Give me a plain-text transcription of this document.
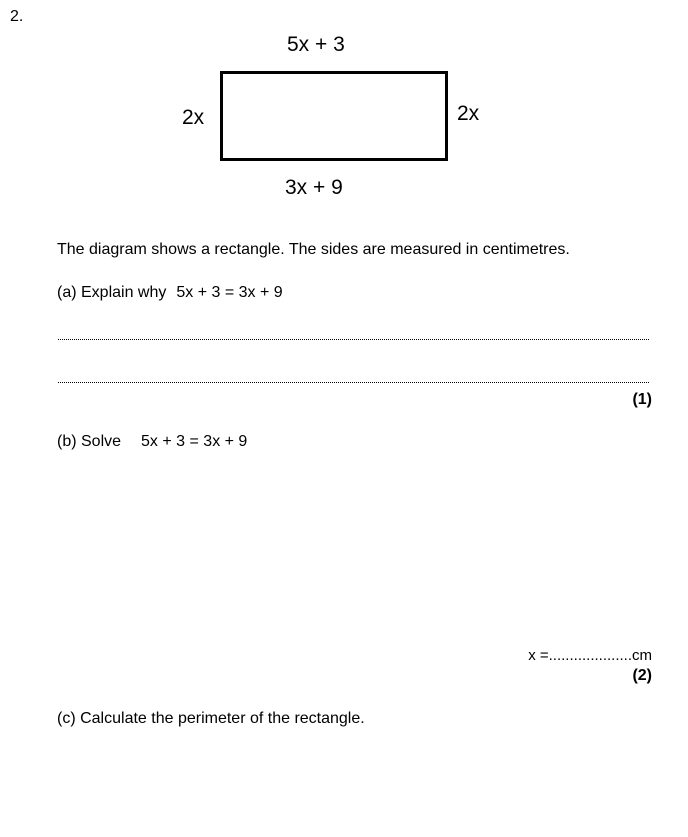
2.
5x + 3
2x	2x
3x + 9
The diagram shows a rectangle. The sides are measured in centimetres.
(a) Explain why 5x + 3 = 3x + 9
(1)
(b) Solve 5x + 3 = 3x + 9
x =....................cm
(2)
(c) Calculate the perimeter of the rectangle.
